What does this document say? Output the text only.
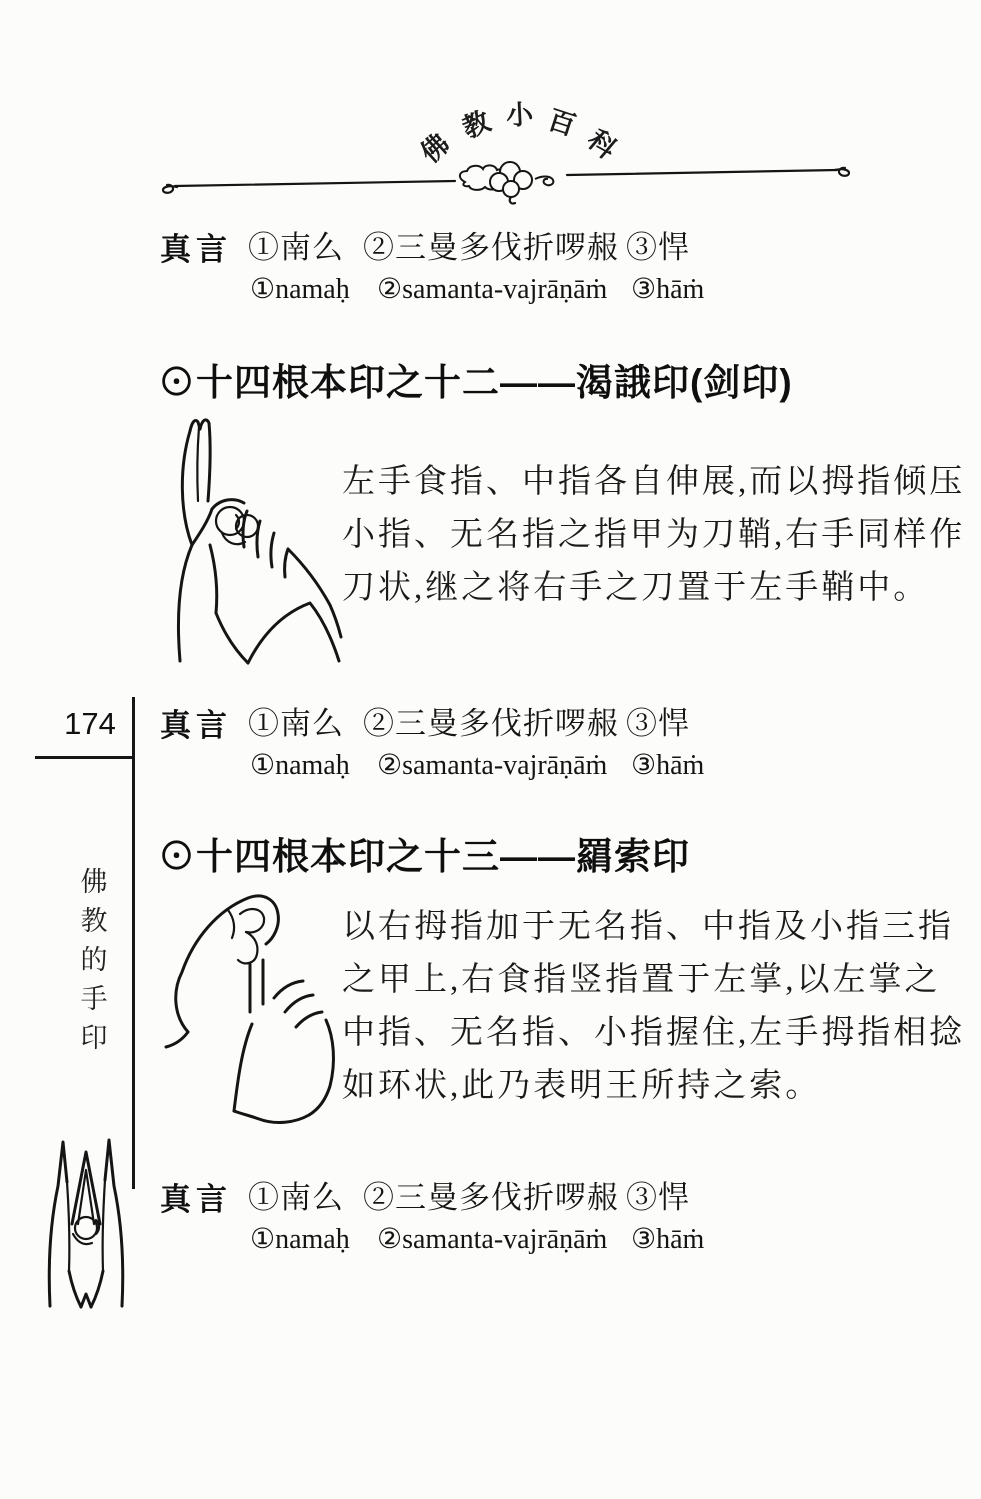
佛
教 小 百
科
真言 ①南么 ②三曼多伐折啰赧 ③悍
①namaḥ ②samanta-vajrāṇāṁ ③hāṁ
⊙十四根本印之十二——渴誐印(剑印)
左手食指、中指各自伸展,而以拇指倾压
小指、无名指之指甲为刀鞘,右手同样作
刀状,继之将右手之刀置于左手鞘中。
174
佛
教
的
手
印
真言 ①南么 ②三曼多伐折啰赧 ③悍
①namaḥ ②samanta-vajrāṇāṁ ③hāṁ
⊙十四根本印之十三——羂索印
以右拇指加于无名指、中指及小指三指
之甲上,右食指竖指置于左掌,以左掌之
中指、无名指、小指握住,左手拇指相捻
如环状,此乃表明王所持之索。
真言 ①南么 ②三曼多伐折啰赧 ③悍
①namaḥ ②samanta-vajrāṇāṁ ③hāṁ
